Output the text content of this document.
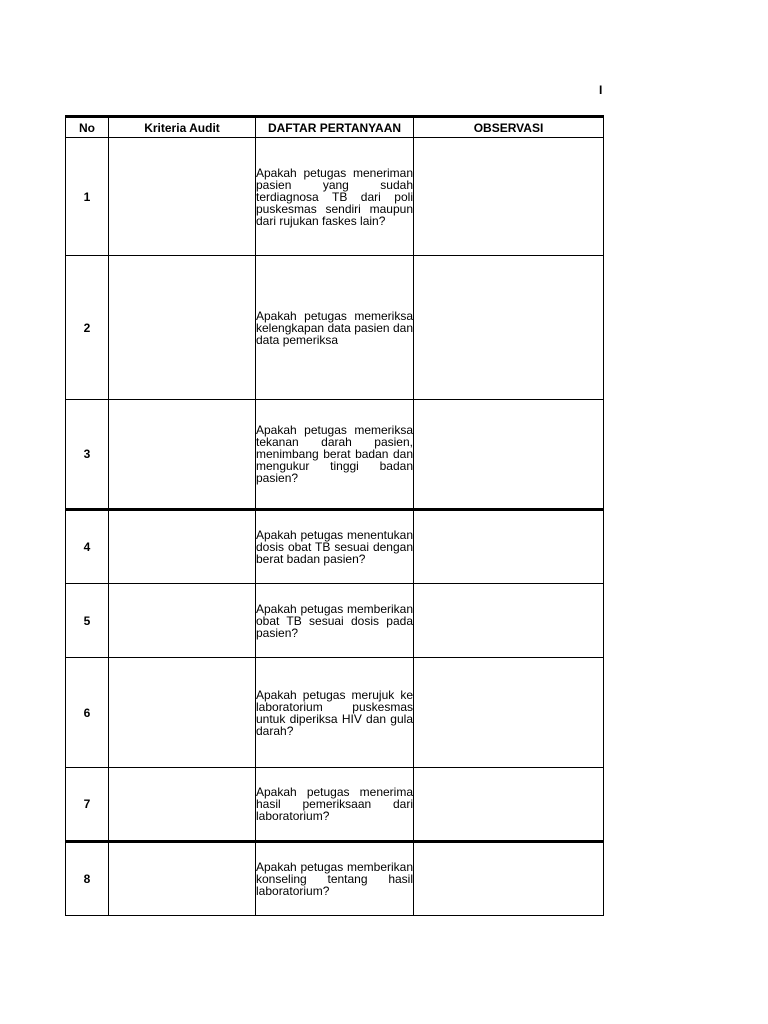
I
No	Kriteria Audit	DAFTAR PERTANYAAN	OBSERVASI
1		Apakah petugas meneriman pasien yang sudah terdiagnosa TB dari poli puskesmas sendiri maupun dari rujukan faskes lain?	
2		Apakah petugas memeriksa kelengkapan data pasien dan data pemeriksa	
3		Apakah petugas memeriksa tekanan darah pasien, menimbang berat badan dan mengukur tinggi badan pasien?	
4		Apakah petugas menentukan dosis obat TB sesuai dengan berat badan pasien?	
5		Apakah petugas memberikan obat TB sesuai dosis pada pasien?	
6		Apakah petugas merujuk ke laboratorium puskesmas untuk diperiksa HIV dan gula darah?	
7		Apakah petugas menerima hasil pemeriksaan dari laboratorium?	
8		Apakah petugas memberikan konseling tentang hasil laboratorium?	
